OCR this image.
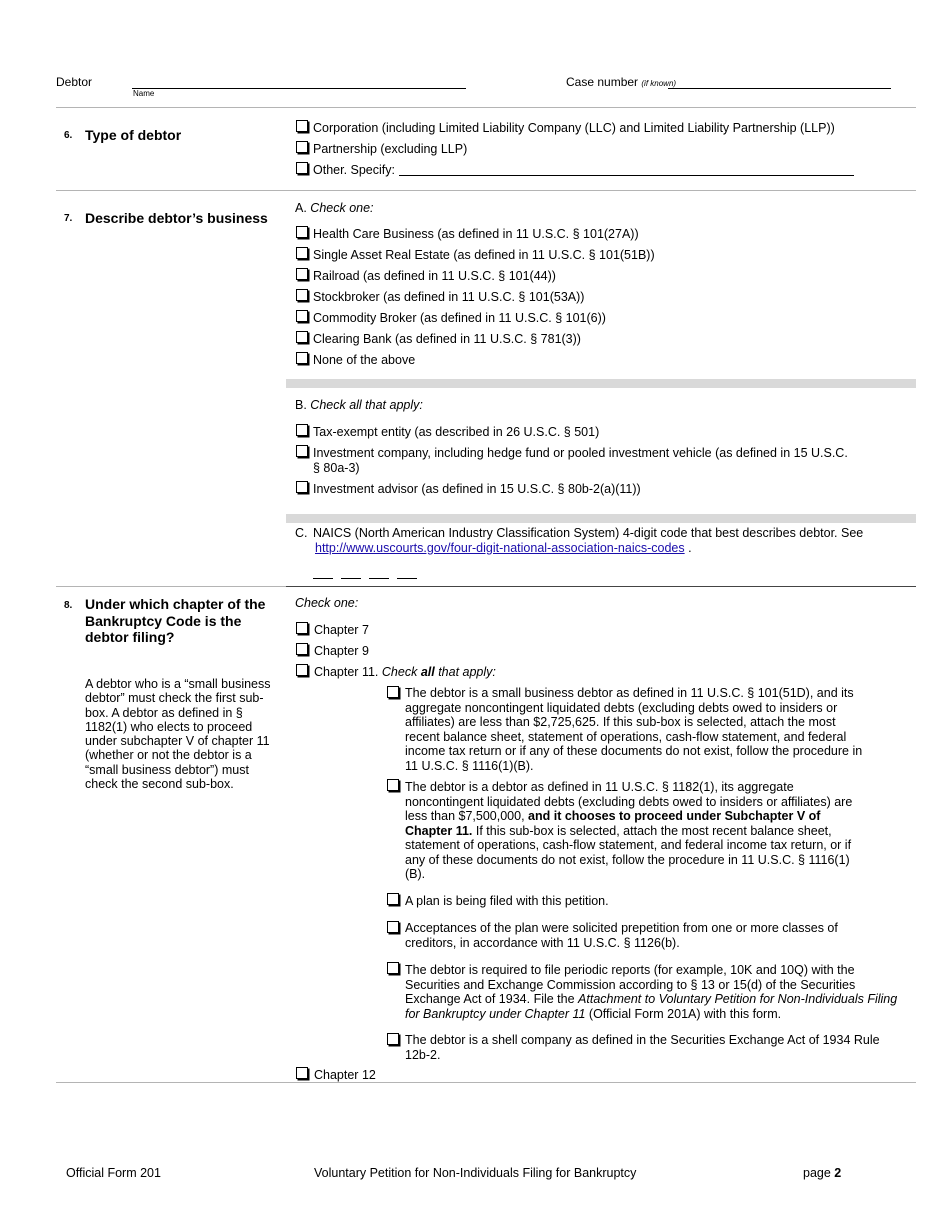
Debtor
Name
Case number (if known)
6. Type of debtor	Corporation (including Limited Liability Company (LLC) and Limited Liability Partnership (LLP))
Partnership (excluding LLP)
Other. Specify:
7. Describe debtor’s business
A. Check one:
Health Care Business (as defined in 11 U.S.C. § 101(27A))
Single Asset Real Estate (as defined in 11 U.S.C. § 101(51B))
Railroad (as defined in 11 U.S.C. § 101(44))
Stockbroker (as defined in 11 U.S.C. § 101(53A))
Commodity Broker (as defined in 11 U.S.C. § 101(6))
Clearing Bank (as defined in 11 U.S.C. § 781(3))
None of the above
B. Check all that apply:
Tax-exempt entity (as described in 26 U.S.C. § 501)
Investment company, including hedge fund or pooled investment vehicle (as defined in 15 U.S.C. § 80a-3)
Investment advisor (as defined in 15 U.S.C. § 80b-2(a)(11))
C. NAICS (North American Industry Classification System) 4-digit code that best describes debtor. See
http://www.uscourts.gov/four-digit-national-association-naics-codes .
8. Under which chapter of the Bankruptcy Code is the debtor filing?
A debtor who is a “small business debtor” must check the first sub-box. A debtor as defined in § 1182(1) who elects to proceed under subchapter V of chapter 11 (whether or not the debtor is a “small business debtor”) must check the second sub-box.
Check one:
Chapter 7
Chapter 9
Chapter 11. Check all that apply:
The debtor is a small business debtor as defined in 11 U.S.C. § 101(51D), and its aggregate noncontingent liquidated debts (excluding debts owed to insiders or affiliates) are less than $2,725,625. If this sub-box is selected, attach the most recent balance sheet, statement of operations, cash-flow statement, and federal income tax return or if any of these documents do not exist, follow the procedure in 11 U.S.C. § 1116(1)(B).
The debtor is a debtor as defined in 11 U.S.C. § 1182(1), its aggregate noncontingent liquidated debts (excluding debts owed to insiders or affiliates) are less than $7,500,000, and it chooses to proceed under Subchapter V of Chapter 11. If this sub-box is selected, attach the most recent balance sheet, statement of operations, cash-flow statement, and federal income tax return, or if any of these documents do not exist, follow the procedure in 11 U.S.C. § 1116(1)(B).
A plan is being filed with this petition.
Acceptances of the plan were solicited prepetition from one or more classes of creditors, in accordance with 11 U.S.C. § 1126(b).
The debtor is required to file periodic reports (for example, 10K and 10Q) with the Securities and Exchange Commission according to § 13 or 15(d) of the Securities Exchange Act of 1934. File the Attachment to Voluntary Petition for Non-Individuals Filing for Bankruptcy under Chapter 11 (Official Form 201A) with this form.
The debtor is a shell company as defined in the Securities Exchange Act of 1934 Rule 12b-2.
Chapter 12
Official Form 201	Voluntary Petition for Non-Individuals Filing for Bankruptcy	page 2
